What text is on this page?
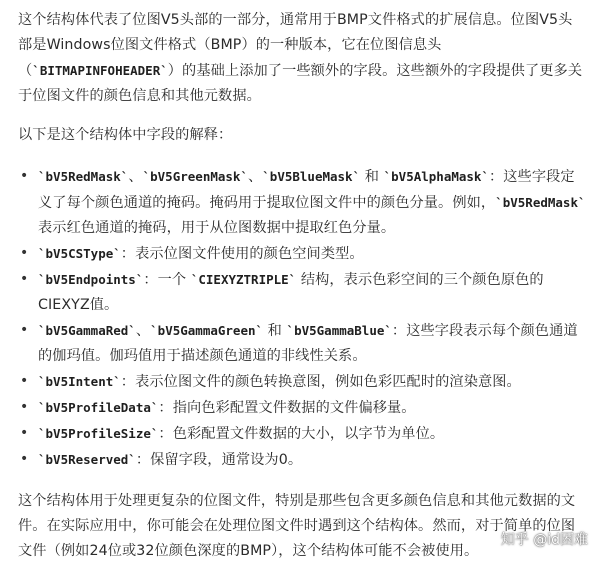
这个结构体代表了位图V5头部的一部分，通常用于BMP文件格式的扩展信息。位图V5头部是Windows位图文件格式（BMP）的一种版本，它在位图信息头（`BITMAPINFOHEADER`）的基础上添加了一些额外的字段。这些额外的字段提供了更多关于位图文件的颜色信息和其他元数据。

以下是这个结构体中字段的解释：

• `bV5RedMask`、`bV5GreenMask`、`bV5BlueMask` 和 `bV5AlphaMask`：这些字段定义了每个颜色通道的掩码。掩码用于提取位图文件中的颜色分量。例如，`bV5RedMask` 表示红色通道的掩码，用于从位图数据中提取红色分量。
• `bV5CSType`：表示位图文件使用的颜色空间类型。
• `bV5Endpoints`：一个 `CIEXYZTRIPLE` 结构，表示色彩空间的三个颜色原色的CIEXYZ值。
• `bV5GammaRed`、`bV5GammaGreen` 和 `bV5GammaBlue`：这些字段表示每个颜色通道的伽玛值。伽玛值用于描述颜色通道的非线性关系。
• `bV5Intent`：表示位图文件的颜色转换意图，例如色彩匹配时的渲染意图。
• `bV5ProfileData`：指向色彩配置文件数据的文件偏移量。
• `bV5ProfileSize`：色彩配置文件数据的大小，以字节为单位。
• `bV5Reserved`：保留字段，通常设为0。

这个结构体用于处理更复杂的位图文件，特别是那些包含更多颜色信息和其他元数据的文件。在实际应用中，你可能会在处理位图文件时遇到这个结构体。然而，对于简单的位图文件（例如24位或32位颜色深度的BMP），这个结构体可能不会被使用。

知乎 @id困难
